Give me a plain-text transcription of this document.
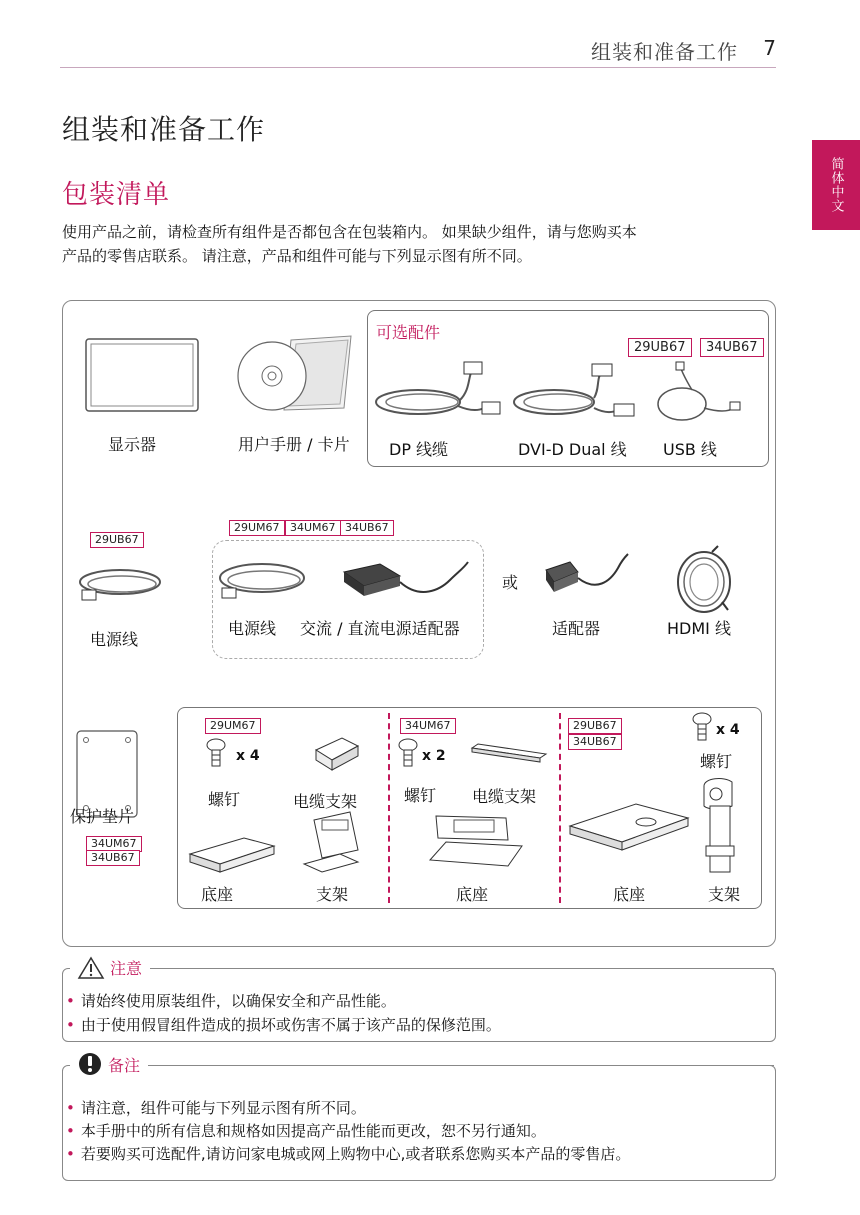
组装和准备工作 7
简体中文
组装和准备工作
包装清单
使用产品之前，请检查所有组件是否都包含在包装箱内。 如果缺少组件，请与您购买本
产品的零售店联系。 请注意，产品和组件可能与下列显示图有所不同。
显示器	用户手册 / 卡片
可选配件
29UB67	34UB67
DP 线缆	DVI-D Dual 线 USB 线
29UB67
电源线
29UM67 34UM67 34UB67
电源线 交流 / 直流电源适配器
或
适配器	HDMI 线
保护垫片
34UM67
34UB67
29UM67
x 4
螺钉	电缆支架
底座	支架
34UM67
x 2
螺钉 电缆支架
底座
29UB67
34UB67
x 4
螺钉
底座	支架
注意
• 请始终使用原装组件，以确保安全和产品性能。
• 由于使用假冒组件造成的损坏或伤害不属于该产品的保修范围。
备注
• 请注意，组件可能与下列显示图有所不同。
• 本手册中的所有信息和规格如因提高产品性能而更改，恕不另行通知。
• 若要购买可选配件,请访问家电城或网上购物中心,或者联系您购买本产品的零售店。
